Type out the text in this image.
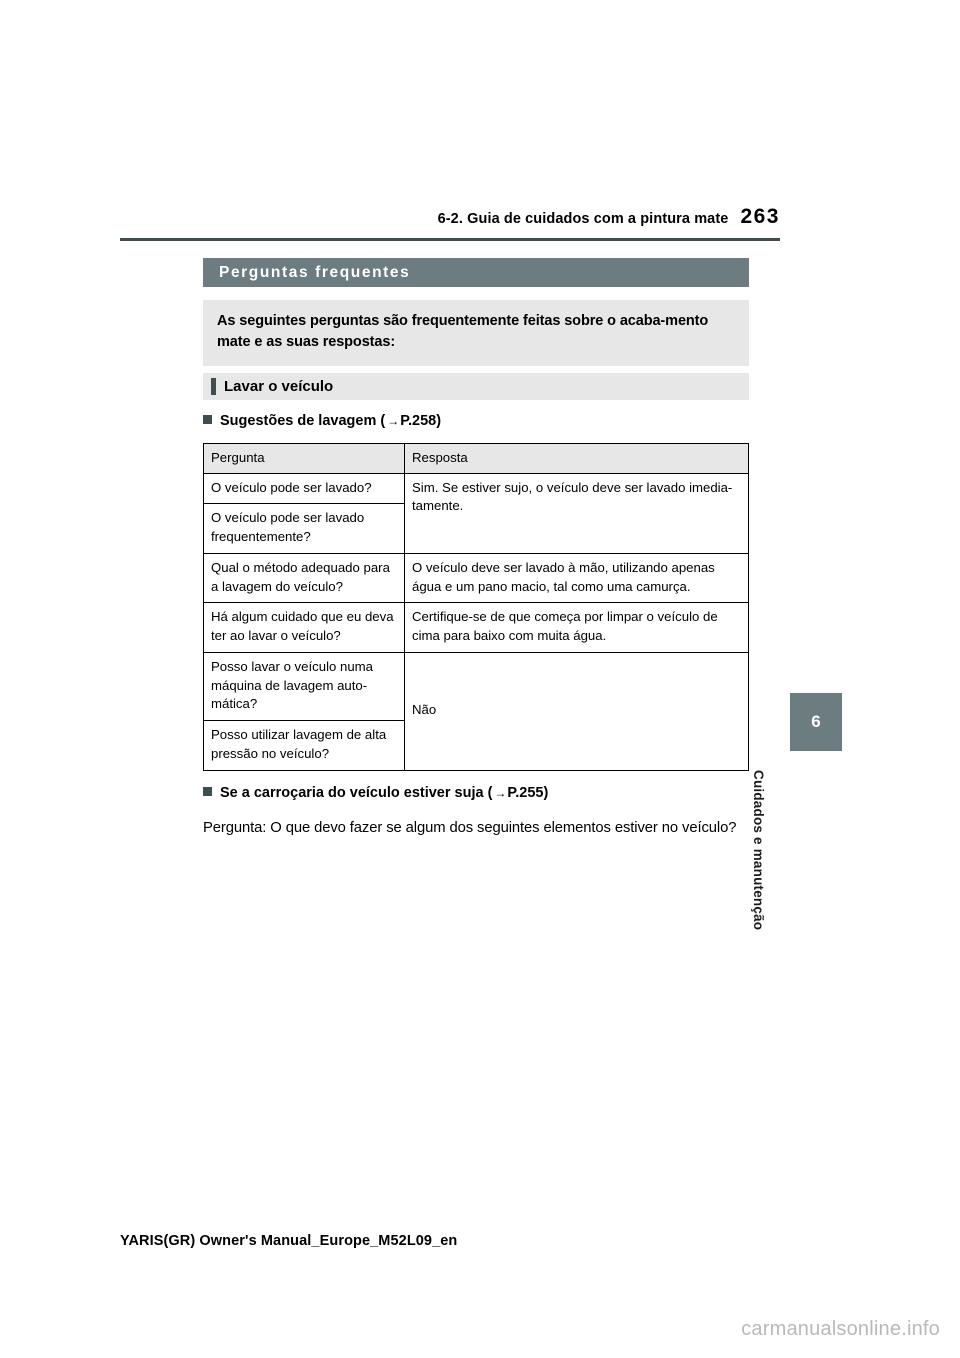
6-2. Guia de cuidados com a pintura mate 263
6
Cuidados e manutenção
Perguntas frequentes

As seguintes perguntas são frequentemente feitas sobre o acaba-mento mate e as suas respostas:

Lavar o veículo
Sugestões de lavagem ( → P.258 )
Pergunta	Resposta
O veículo pode ser lavado?	Sim. Se estiver sujo, o veículo deve ser lavado imedia-tamente.
O veículo pode ser lavado frequentemente?	
Qual o método adequado para a lavagem do veículo?	O veículo deve ser lavado à mão, utilizando apenas água e um pano macio, tal como uma camurça.
Há algum cuidado que eu deva ter ao lavar o veículo?	Certifique-se de que começa por limpar o veículo de cima para baixo com muita água.
Posso lavar o veículo numa máquina de lavagem auto-mática?	Não
Posso utilizar lavagem de alta pressão no veículo?	
Se a carroçaria do veículo estiver suja ( → P.255 )
Pergunta: O que devo fazer se algum dos seguintes elementos estiver no veículo?
YARIS(GR) Owner's Manual_Europe_M52L09_en
carmanualsonline.info
